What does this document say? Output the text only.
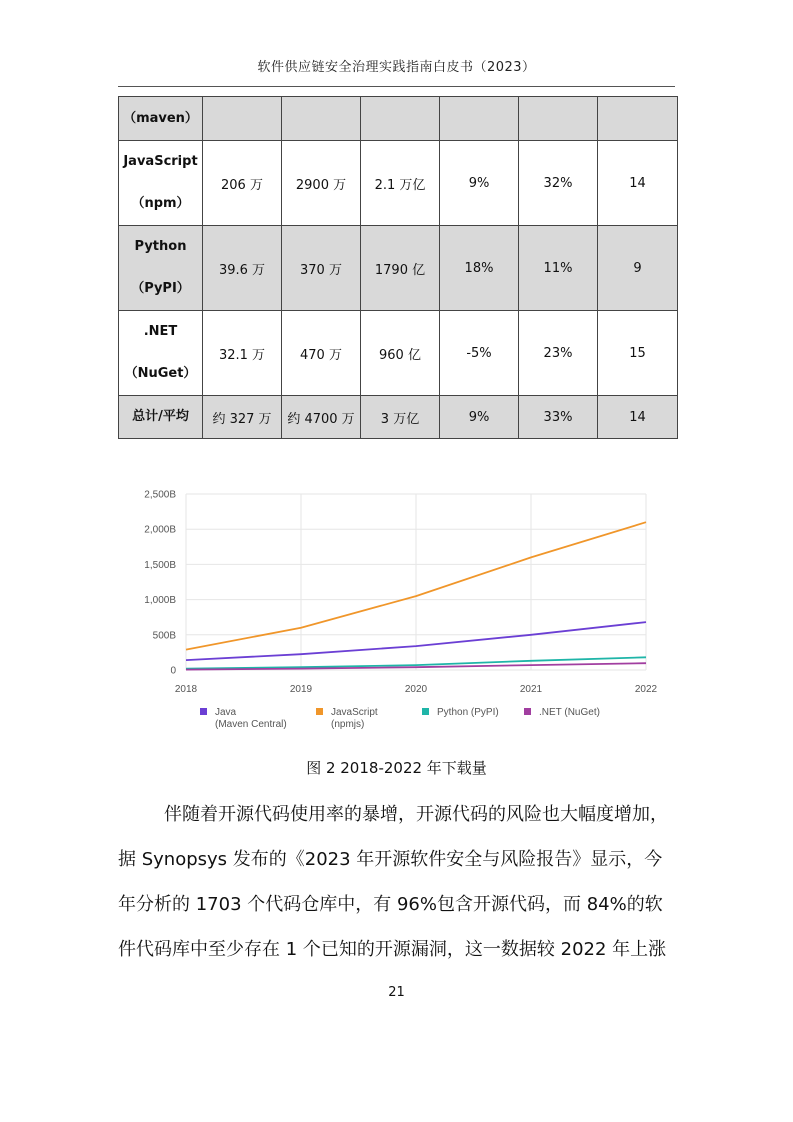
软件供应链安全治理实践指南白皮书（2023）
（maven）						

JavaScript
（npm）	206 万	2900 万	2.1 万亿	9%	32%	14

Python
（PyPI）	39.6 万	370 万	1790 亿	18%	11%	9

.NET
（NuGet）	32.1 万	470 万	960 亿	-5%	23%	15

总计/平均	约 327 万	约 4700 万	3 万亿	9%	33%	14
0
500B
1,000B
1,500B
2,000B
2,500B
2018	2019	2020	2021	2022
Java
(Maven Central)
JavaScript
(npmjs)
Python (PyPI)	.NET (NuGet)
图 2 2018-2022 年下载量
伴随着开源代码使用率的暴增，开源代码的风险也大幅度增加，
据 Synopsys 发布的《2023 年开源软件安全与风险报告》显示，今
年分析的 1703 个代码仓库中，有 96%包含开源代码，而 84%的软
件代码库中至少存在 1 个已知的开源漏洞，这一数据较 2022 年上涨
21
